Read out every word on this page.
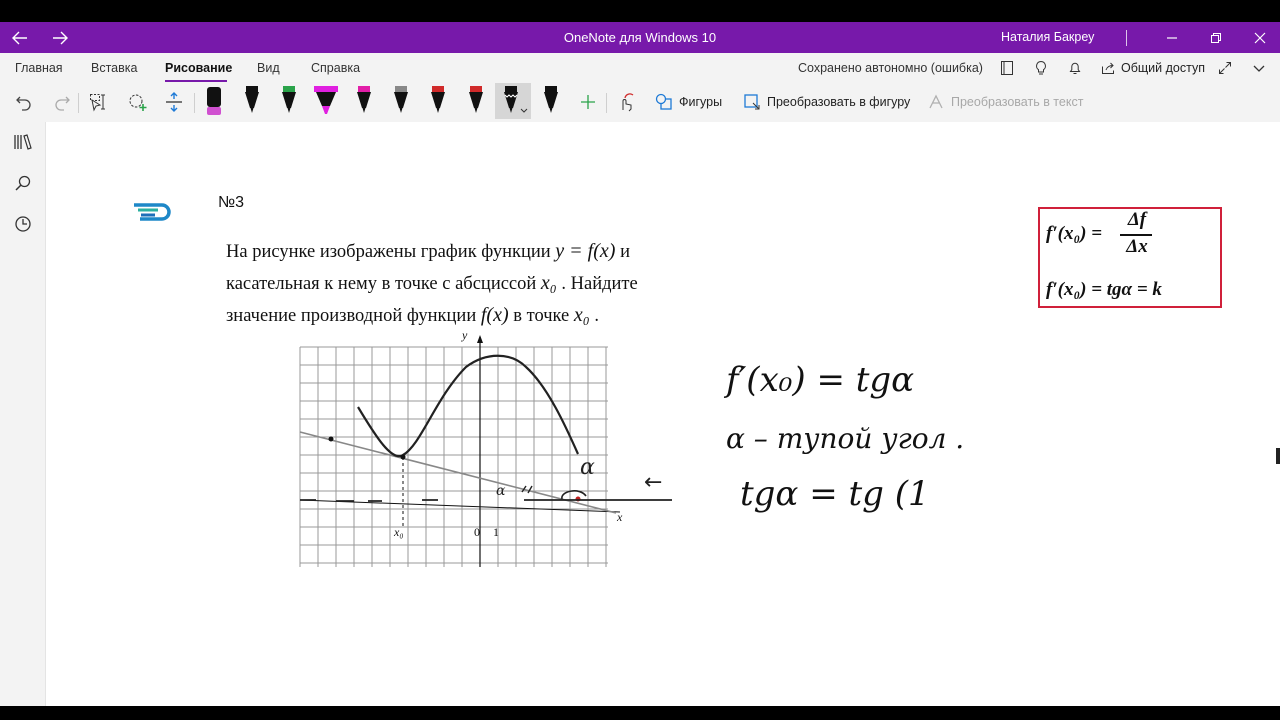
OneNote для Windows 10	Наталия Бакреу
Главная Вставка Рисование Вид	Справка	Сохранено автономно (ошибка)	Общий доступ
Фигуры	Преобразовать в фигуру	Преобразовать в текст
№3
На рисунке изображены график функции y = f(x) и
касательная к нему в точке с абсциссой x₀ . Найдите
значение производной функции f(x) в точке x₀ .
f′(x₀) =
Δf
Δx
f′(x₀) = tgα = k
y
x
x₀	0 1
α
α
←
f′(x₀) = tgα
α – тупой угол .
tgα = tg (1
